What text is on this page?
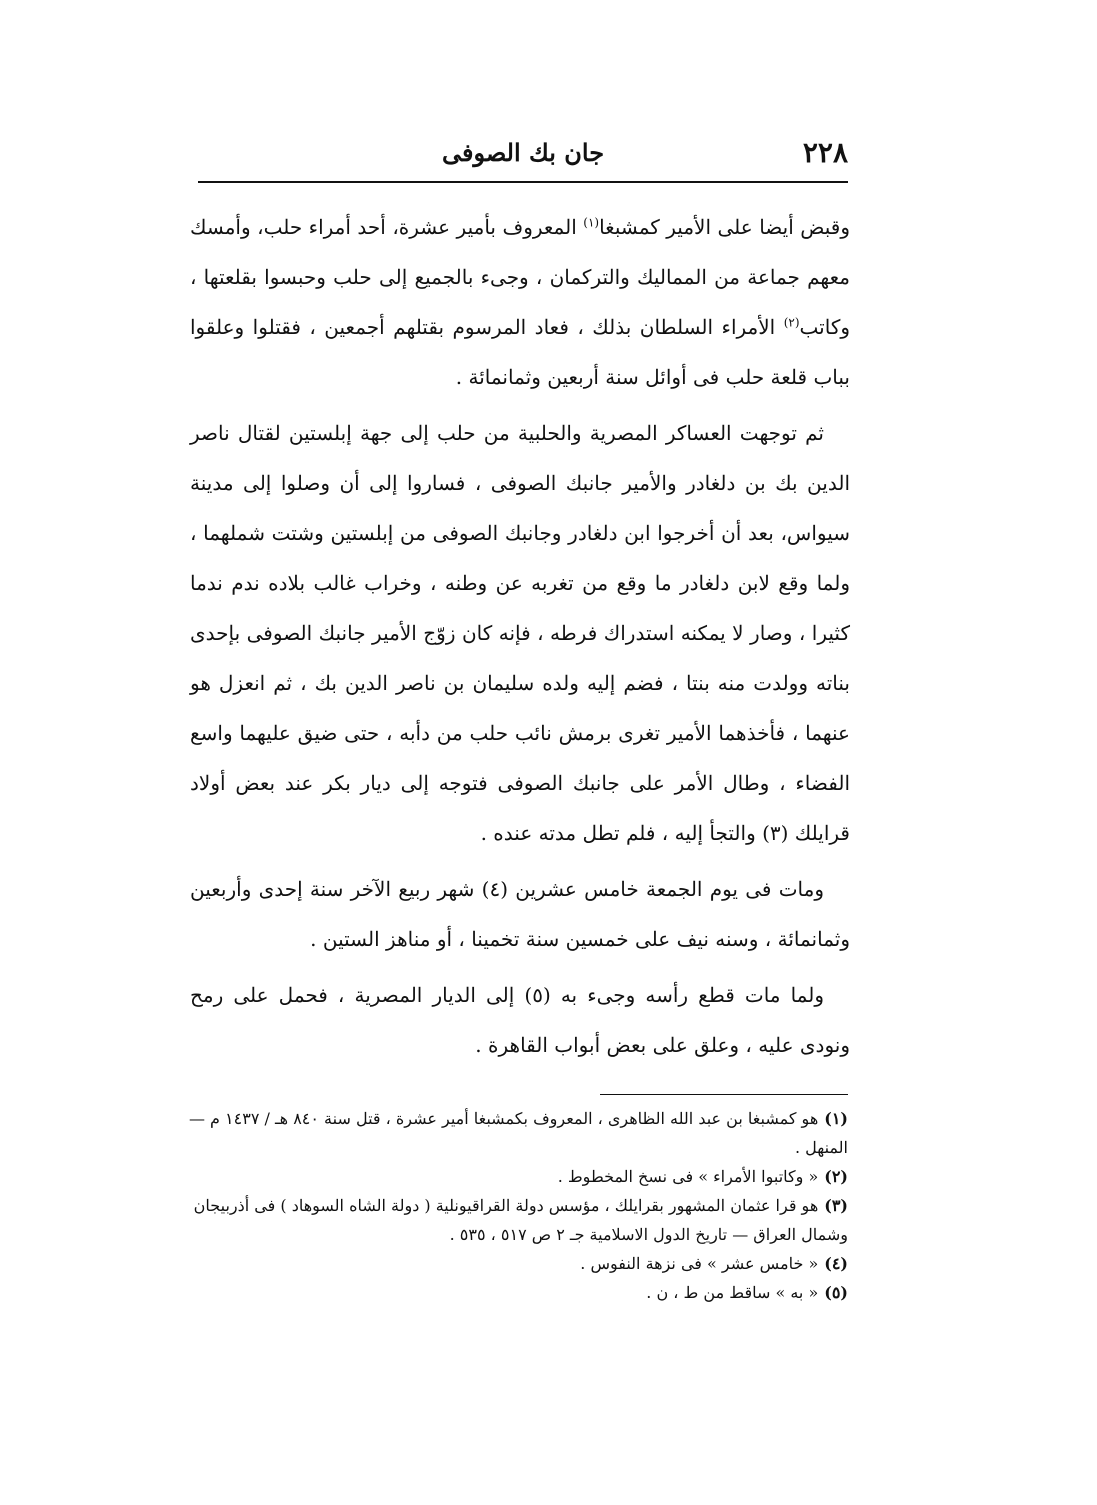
٢٢٨
جان بك الصوفى

وقبض أيضا على الأمير كمشبغا$^{(١)}$ المعروف بأمير عشرة، أحد أمراء حلب، وأمسك معهم جماعة من المماليك والتركمان ، وجىء بالجميع إلى حلب وحبسوا بقلعتها ، وكاتب$^{(٢)}$ الأمراء السلطان بذلك ، فعاد المرسوم بقتلهم أجمعين ، فقتلوا وعلقوا بباب قلعة حلب فى أوائل سنة أربعين وثمانمائة .

ثم توجهت العساكر المصرية والحلبية من حلب إلى جهة إبلستين لقتال ناصر الدين بك بن دلغادر والأمير جانبك الصوفى ، فساروا إلى أن وصلوا إلى مدينة سيواس، بعد أن أخرجوا ابن دلغادر وجانبك الصوفى من إبلستين وشتت شملهما ، ولما وقع لابن دلغادر ما وقع من تغربه عن وطنه ، وخراب غالب بلاده ندم ندما كثيرا ، وصار لا يمكنه استدراك فرطه ، فإنه كان زوّج الأمير جانبك الصوفى بإحدى بناته وولدت منه بنتا ، فضم إليه ولده سليمان بن ناصر الدين بك ، ثم انعزل هو عنهما ، فأخذهما الأمير تغرى برمش نائب حلب من دأبه ، حتى ضيق عليهما واسع الفضاء ، وطال الأمر على جانبك الصوفى فتوجه إلى ديار بكر عند بعض أولاد قرايلك (٣) والتجأ إليه ، فلم تطل مدته عنده .

ومات فى يوم الجمعة خامس عشرين (٤) شهر ربيع الآخر سنة إحدى وأربعين وثمانمائة ، وسنه نيف على خمسين سنة تخمينا ، أو مناهز الستين .

ولما مات قطع رأسه وجىء به (٥) إلى الديار المصرية ، فحمل على رمح ونودى عليه ، وعلق على بعض أبواب القاهرة .

(١)هو كمشبغا بن عبد الله الظاهرى ، المعروف بكمشبغا أمير عشرة ، قتل سنة ٨٤٠ هـ / ١٤٣٧ م — المنهل .

(٢)« وكاتبوا الأمراء » فى نسخ المخطوط .

(٣)هو قرا عثمان المشهور بقرايلك ، مؤسس دولة القراقيونلية ( دولة الشاه السوهاد ) فى أذربيجان وشمال العراق — تاريخ الدول الاسلامية جـ ٢ ص ٥١٧ ، ٥٣٥ .

(٤)« خامس عشر » فى نزهة النفوس .

(٥)« به » ساقط من ط ، ن .
